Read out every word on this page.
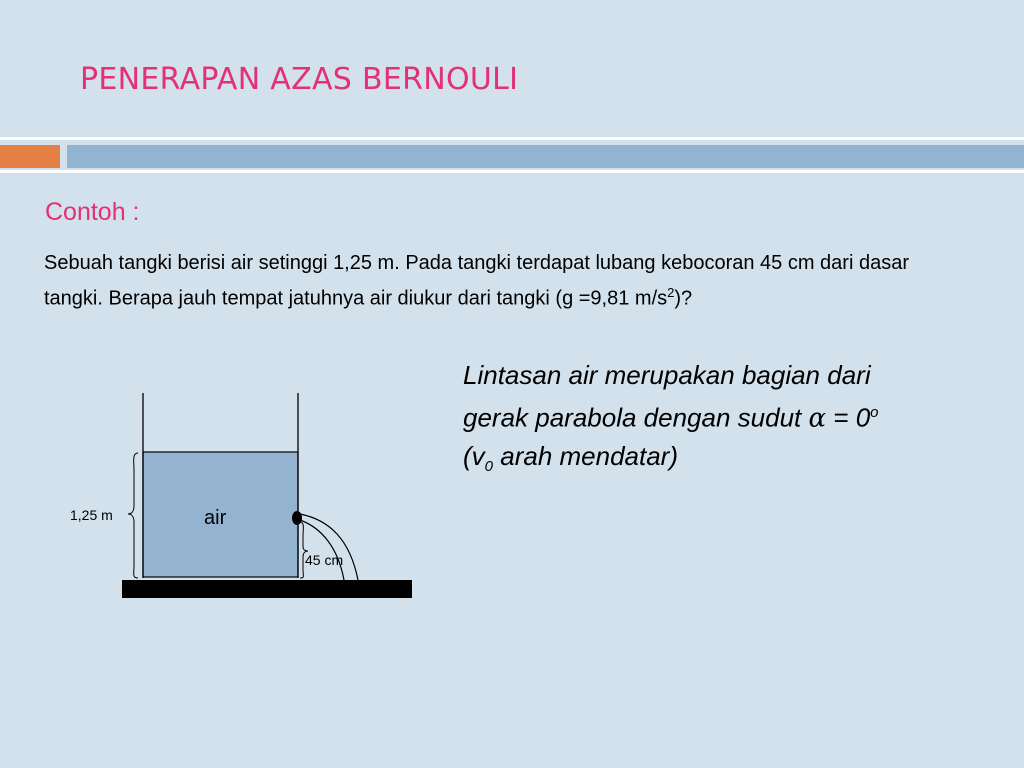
PENERAPAN AZAS BERNOULI
Contoh :
Sebuah tangki berisi air setinggi 1,25 m. Pada tangki terdapat lubang kebocoran 45 cm dari dasar tangki. Berapa jauh tempat jatuhnya air diukur dari tangki (g =9,81 $m/s^2$)?
Lintasan air merupakan bagian dari
gerak parabola dengan sudut $\alpha = 0^o$
($v_0$ arah mendatar)
1,25 m
45 cm
air
